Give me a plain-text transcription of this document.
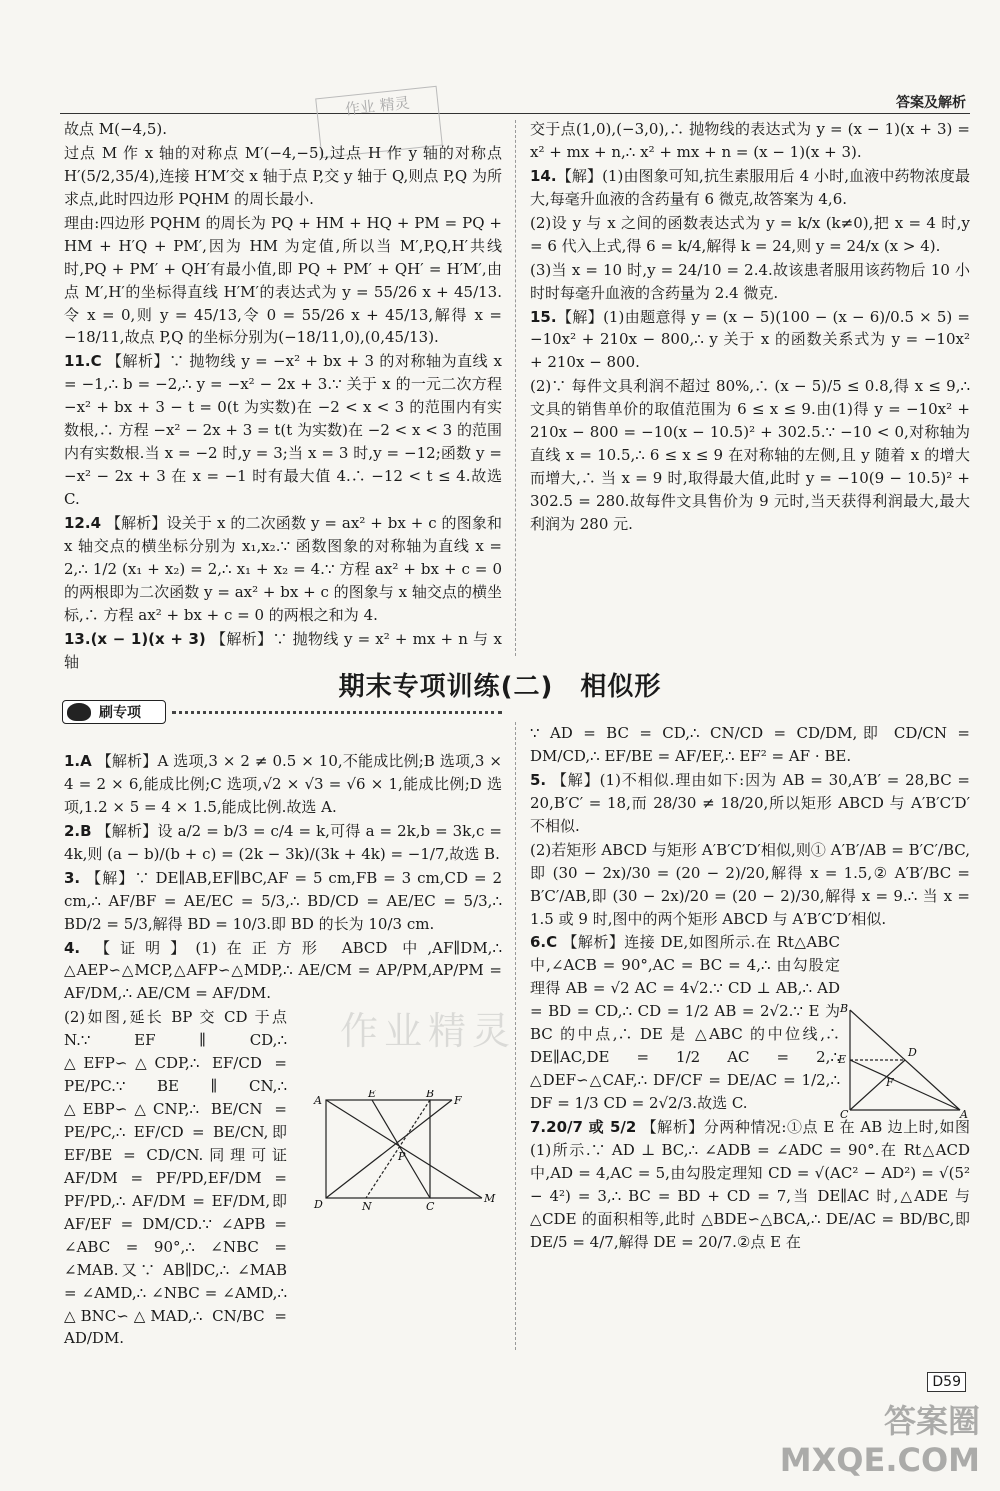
答案及解析
作业 精灵

故点 M(−4,5).

过点 M 作 x 轴的对称点 M′(−4,−5),过点 H 作 y 轴的对称点 H′(5/2,35/4),连接 H′M′交 x 轴于点 P,交 y 轴于 Q,则点 P,Q 为所求点,此时四边形 PQHM 的周长最小.

理由:四边形 PQHM 的周长为 PQ + HM + HQ + PM = PQ + HM + H′Q + PM′,因为 HM 为定值,所以当 M′,P,Q,H′共线时,PQ + PM′ + QH′有最小值,即 PQ + PM′ + QH′ = H′M′,由点 M′,H′的坐标得直线 H′M′的表达式为 y = 55/26 x + 45/13.令 x = 0,则 y = 45/13,令 0 = 55/26 x + 45/13,解得 x = −18/11,故点 P,Q 的坐标分别为(−18/11,0),(0,45/13).

11.C 【解析】∵ 抛物线 y = −x² + bx + 3 的对称轴为直线 x = −1,∴ b = −2,∴ y = −x² − 2x + 3.∵ 关于 x 的一元二次方程 −x² + bx + 3 − t = 0(t 为实数)在 −2 < x < 3 的范围内有实数根,∴ 方程 −x² − 2x + 3 = t(t 为实数)在 −2 < x < 3 的范围内有实数根.当 x = −2 时,y = 3;当 x = 3 时,y = −12;函数 y = −x² − 2x + 3 在 x = −1 时有最大值 4.∴ −12 < t ≤ 4.故选 C.

12.4 【解析】设关于 x 的二次函数 y = ax² + bx + c 的图象和 x 轴交点的横坐标分别为 x₁,x₂.∵ 函数图象的对称轴为直线 x = 2,∴ 1/2 (x₁ + x₂) = 2,∴ x₁ + x₂ = 4.∵ 方程 ax² + bx + c = 0 的两根即为二次函数 y = ax² + bx + c 的图象与 x 轴交点的横坐标,∴ 方程 ax² + bx + c = 0 的两根之和为 4.

13.(x − 1)(x + 3) 【解析】∵ 抛物线 y = x² + mx + n 与 x 轴

交于点(1,0),(−3,0),∴ 抛物线的表达式为 y = (x − 1)(x + 3) = x² + mx + n,∴ x² + mx + n = (x − 1)(x + 3).

14.【解】(1)由图象可知,抗生素服用后 4 小时,血液中药物浓度最大,每毫升血液的含药量有 6 微克,故答案为 4,6.

(2)设 y 与 x 之间的函数表达式为 y = k/x (k≠0),把 x = 4 时,y = 6 代入上式,得 6 = k/4,解得 k = 24,则 y = 24/x (x > 4).

(3)当 x = 10 时,y = 24/10 = 2.4.故该患者服用该药物后 10 小时时每毫升血液的含药量为 2.4 微克.

15.【解】(1)由题意得 y = (x − 5)(100 − (x − 6)/0.5 × 5) = −10x² + 210x − 800,∴ y 关于 x 的函数关系式为 y = −10x² + 210x − 800.

(2)∵ 每件文具利润不超过 80%,∴ (x − 5)/5 ≤ 0.8,得 x ≤ 9,∴ 文具的销售单价的取值范围为 6 ≤ x ≤ 9.由(1)得 y = −10x² + 210x − 800 = −10(x − 10.5)² + 302.5.∵ −10 < 0,对称轴为直线 x = 10.5,∴ 6 ≤ x ≤ 9 在对称轴的左侧,且 y 随着 x 的增大而增大,∴ 当 x = 9 时,取得最大值,此时 y = −10(9 − 10.5)² + 302.5 = 280.故每件文具售价为 9 元时,当天获得利润最大,最大利润为 280 元.

期末专项训练(二)　相似形
刷专项

1.A 【解析】A 选项,3 × 2 ≠ 0.5 × 10,不能成比例;B 选项,3 × 4 = 2 × 6,能成比例;C 选项,√2 × √3 = √6 × 1,能成比例;D 选项,1.2 × 5 = 4 × 1.5,能成比例.故选 A.

2.B 【解析】设 a/2 = b/3 = c/4 = k,可得 a = 2k,b = 3k,c = 4k,则 (a − b)/(b + c) = (2k − 3k)/(3k + 4k) = −1/7,故选 B.

3. 【解】∵ DE∥AB,EF∥BC,AF = 5 cm,FB = 3 cm,CD = 2 cm,∴ AF/BF = AE/EC = 5/3,∴ BD/CD = AE/EC = 5/3,∴ BD/2 = 5/3,解得 BD = 10/3.即 BD 的长为 10/3 cm.

4. 【证明】(1)在正方形 ABCD 中,AF∥DM,∴ △AEP∽△MCP,△AFP∽△MDP,∴ AE/CM = AP/PM,AP/PM = AF/DM,∴ AE/CM = AF/DM.

(2)如图,延长 BP 交 CD 于点 N.∵ EF ∥ CD,∴ △EFP∽△CDP,∴ EF/CD = PE/PC.∵ BE ∥ CN,∴ △EBP∽△CNP,∴ BE/CN = PE/PC,∴ EF/CD = BE/CN,即 EF/BE = CD/CN.同理可证 AF/DM = PF/PD,EF/DM = PF/PD,∴ AF/DM = EF/DM,即 AF/EF = DM/CD.∵ ∠APB = ∠ABC = 90°,∴ ∠NBC = ∠MAB.又∵ AB∥DC,∴ ∠MAB = ∠AMD,∴ ∠NBC = ∠AMD,∴ △BNC∽△MAD,∴ CN/BC = AD/DM.

A
E	B
F
P
D	N	C
M

∵ AD = BC = CD,∴ CN/CD = CD/DM,即 CD/CN = DM/CD,∴ EF/BE = AF/EF,∴ EF² = AF · BE.

5. 【解】(1)不相似.理由如下:因为 AB = 30,A′B′ = 28,BC = 20,B′C′ = 18,而 28/30 ≠ 18/20,所以矩形 ABCD 与 A′B′C′D′不相似.

(2)若矩形 ABCD 与矩形 A′B′C′D′相似,则① A′B′/AB = B′C′/BC,即 (30 − 2x)/30 = (20 − 2)/20,解得 x = 1.5,② A′B′/BC = B′C′/AB,即 (30 − 2x)/20 = (20 − 2)/30,解得 x = 9.∴ 当 x = 1.5 或 9 时,图中的两个矩形 ABCD 与 A′B′C′D′相似.

6.C 【解析】连接 DE,如图所示.在 Rt△ABC 中,∠ACB = 90°,AC = BC = 4,∴ 由勾股定理得 AB = √2 AC = 4√2.∵ CD ⊥ AB,∴ AD = BD = CD,∴ CD = 1/2 AB = 2√2.∵ E 为 BC 的中点,∴ DE 是 △ABC 的中位线,∴ DE∥AC,DE = 1/2 AC = 2,∴ △DEF∽△CAF,∴ DF/CF = DE/AC = 1/2,∴ DF = 1/3 CD = 2√2/3.故选 C.

7.20/7 或 5/2 【解析】分两种情况:①点 E 在 AB 边上时,如图(1)所示.∵ AD ⊥ BC,∴ ∠ADB = ∠ADC = 90°.在 Rt△ACD 中,AD = 4,AC = 5,由勾股定理知 CD = √(AC² − AD²) = √(5² − 4²) = 3,∴ BC = BD + CD = 7,当 DE∥AC 时,△ADE 与 △CDE 的面积相等,此时 △BDE∽△BCA,∴ DE/AC = BD/BC,即 DE/5 = 4/7,解得 DE = 20/7.②点 E 在

B
E
D
F
C	A
作业精灵
D59
答案圈
MXQE.COM
